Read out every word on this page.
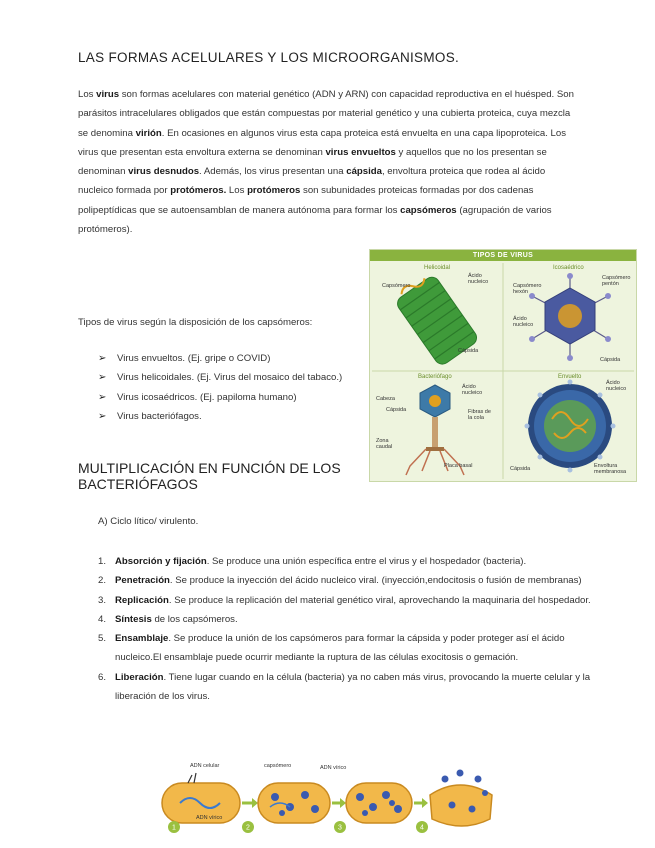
LAS FORMAS ACELULARES Y LOS MICROORGANISMOS.
Los virus son formas acelulares con material genético (ADN y ARN) con capacidad reproductiva en el huésped. Son parásitos intracelulares obligados que están compuestas por material genético y una cubierta proteica, cuya mezcla se denomina virión. En ocasiones en algunos virus esta capa proteica está envuelta en una capa lipoproteica. Los virus que presentan esta envoltura externa se denominan virus envueltos y aquellos que no los presentan se denominan virus desnudos. Además, los virus presentan una cápsida, envoltura proteica que rodea al ácido nucleico formada por protómeros. Los protómeros son subunidades proteicas formadas por dos cadenas polipeptídicas que se autoensamblan de manera autónoma para formar los capsómeros (agrupación de varios protómeros).
Tipos de virus según la disposición de los capsómeros:
➢ Virus envueltos. (Ej. gripe o COVID)
➢ Virus helicoidales. (Ej. Virus del mosaico del tabaco.)
➢ Virus icosaédricos. (Ej. papiloma humano)
➢ Virus bacteriófagos.
TIPOS DE VIRUS
Helicoidal
Capsómero
Ácido nucleico
Cápsida
Icosaédrico
Capsómero pentón
Capsómero hexón
Ácido nucleico
Cápsida
Bacteriófago
Cabeza
Cápsida
Ácido nucleico
Fibras de la cola
Zona caudal
Placa basal
Envuelto
Ácido nucleico
Cápsida	Envoltura membranosa
MULTIPLICACIÓN EN FUNCIÓN DE LOS BACTERIÓFAGOS
A) Ciclo lítico/ virulento.
1. Absorción y fijación. Se produce una unión específica entre el virus y el hospedador (bacteria).
2. Penetración. Se produce la inyección del ácido nucleico viral. (inyección,endocitosis o fusión de membranas)
3. Replicación. Se produce la replicación del material genético viral, aprovechando la maquinaria del hospedador.
4. Síntesis de los capsómeros.
5. Ensamblaje. Se produce la unión de los capsómeros para formar la cápsida y poder proteger así el ácido nucleico.El ensamblaje puede ocurrir mediante la ruptura de las células exocitosis o gemación.
6. Liberación. Tiene lugar cuando en la célula (bacteria) ya no caben más virus, provocando la muerte celular y la liberación de los virus.
1	2	3	4
ADN celular	capsómero	ADN vírico
ADN vírico
